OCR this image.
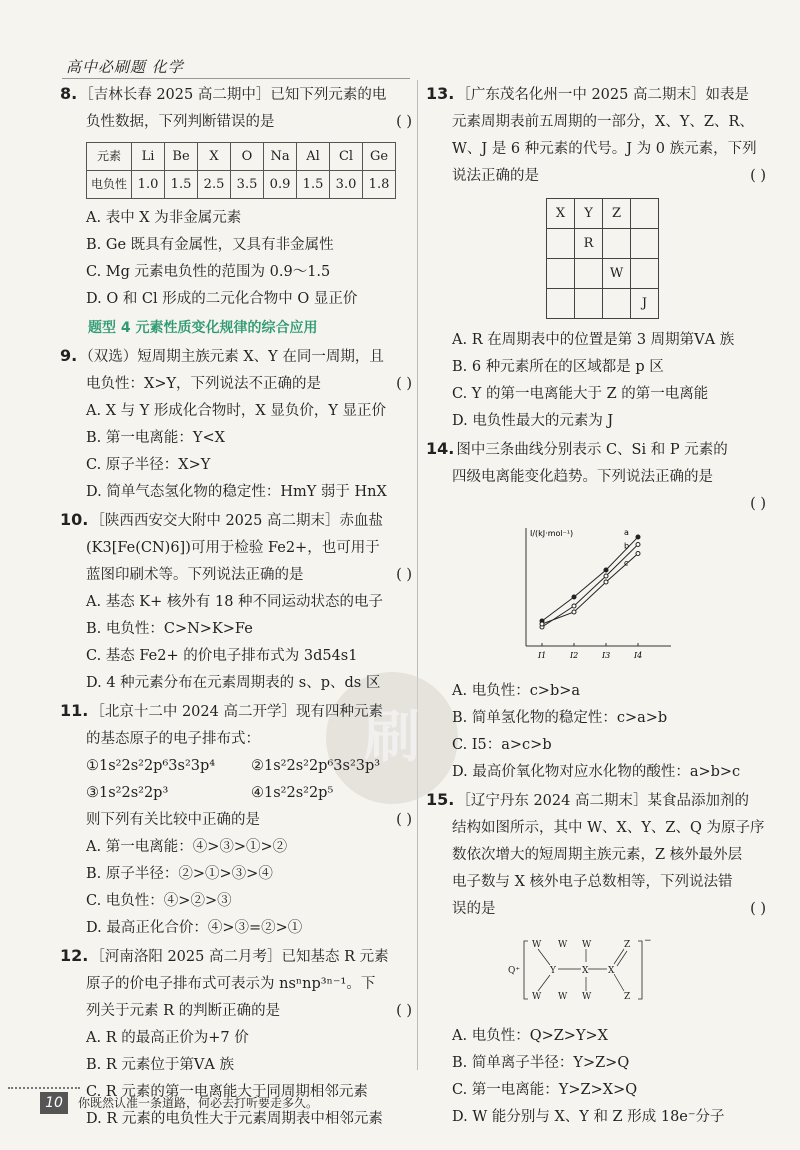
高中必刷题 化学
刷
8. ［吉林长春 2025 高二期中］已知下列元素的电
负性数据，下列判断错误的是	( )
元素	Li	Be	X	O	Na	Al	Cl	Ge
电负性	1.0	1.5	2.5	3.5	0.9	1.5	3.0	1.8
A. 表中 X 为非金属元素
B. Ge 既具有金属性，又具有非金属性
C. Mg 元素电负性的范围为 0.9～1.5
D. O 和 Cl 形成的二元化合物中 O 显正价
题型 4 元素性质变化规律的综合应用
9. （双选）短周期主族元素 X、Y 在同一周期，且
电负性：X>Y，下列说法不正确的是	( )
A. X 与 Y 形成化合物时，X 显负价，Y 显正价
B. 第一电离能：Y<X
C. 原子半径：X>Y
D. 简单气态氢化物的稳定性：HmY 弱于 HnX
10. ［陕西西安交大附中 2025 高二期末］赤血盐
(K3[Fe(CN)6])可用于检验 Fe2+，也可用于
蓝图印刷术等。下列说法正确的是	( )
A. 基态 K+ 核外有 18 种不同运动状态的电子
B. 电负性：C>N>K>Fe
C. 基态 Fe2+ 的价电子排布式为 3d54s1
D. 4 种元素分布在元素周期表的 s、p、ds 区
11. ［北京十二中 2024 高二开学］现有四种元素
的基态原子的电子排布式：
①1s²2s²2p⁶3s²3p⁴ ②1s²2s²2p⁶3s²3p³
③1s²2s²2p³	④1s²2s²2p⁵
则下列有关比较中正确的是	( )
A. 第一电离能：④>③>①>②
B. 原子半径：②>①>③>④
C. 电负性：④>②>③
D. 最高正化合价：④>③=②>①
12. ［河南洛阳 2025 高二月考］已知基态 R 元素
原子的价电子排布式可表示为 nsⁿnp³ⁿ⁻¹。下
列关于元素 R 的判断正确的是	( )
A. R 的最高正价为+7 价
B. R 元素位于第ⅤA 族
C. R 元素的第一电离能大于同周期相邻元素
D. R 元素的电负性大于元素周期表中相邻元素
13. ［广东茂名化州一中 2025 高二期末］如表是
元素周期表前五周期的一部分，X、Y、Z、R、
W、J 是 6 种元素的代号。J 为 0 族元素，下列
说法正确的是	( )
X	Y	Z	
	R		
		W	
			J
A. R 在周期表中的位置是第 3 周期第ⅤA 族
B. 6 种元素所在的区域都是 p 区
C. Y 的第一电离能大于 Z 的第一电离能
D. 电负性最大的元素为 J
14. 图中三条曲线分别表示 C、Si 和 P 元素的
四级电离能变化趋势。下列说法正确的是
( )

I/(kJ·mol⁻¹)	a
b
c
I1	I2	I3	I4
A. 电负性：c>b>a
B. 简单氢化物的稳定性：c>a>b
C. I5：a>c>b
D. 最高价氧化物对应水化物的酸性：a>b>c
15. ［辽宁丹东 2024 高二期末］某食品添加剂的
结构如图所示，其中 W、X、Y、Z、Q 为原子序
数依次增大的短周期主族元素，Z 核外最外层
电子数与 X 核外电子总数相等，下列说法错
误的是	( )
Q⁺
−
W
W
W
W
Y	X X
Z
Z
W
W
A. 电负性：Q>Z>Y>X
B. 简单离子半径：Y>Z>Q
C. 第一电离能：Y>Z>X>Q
D. W 能分别与 X、Y 和 Z 形成 18e⁻分子
10	你既然认准一条道路，何必去打听要走多久。
